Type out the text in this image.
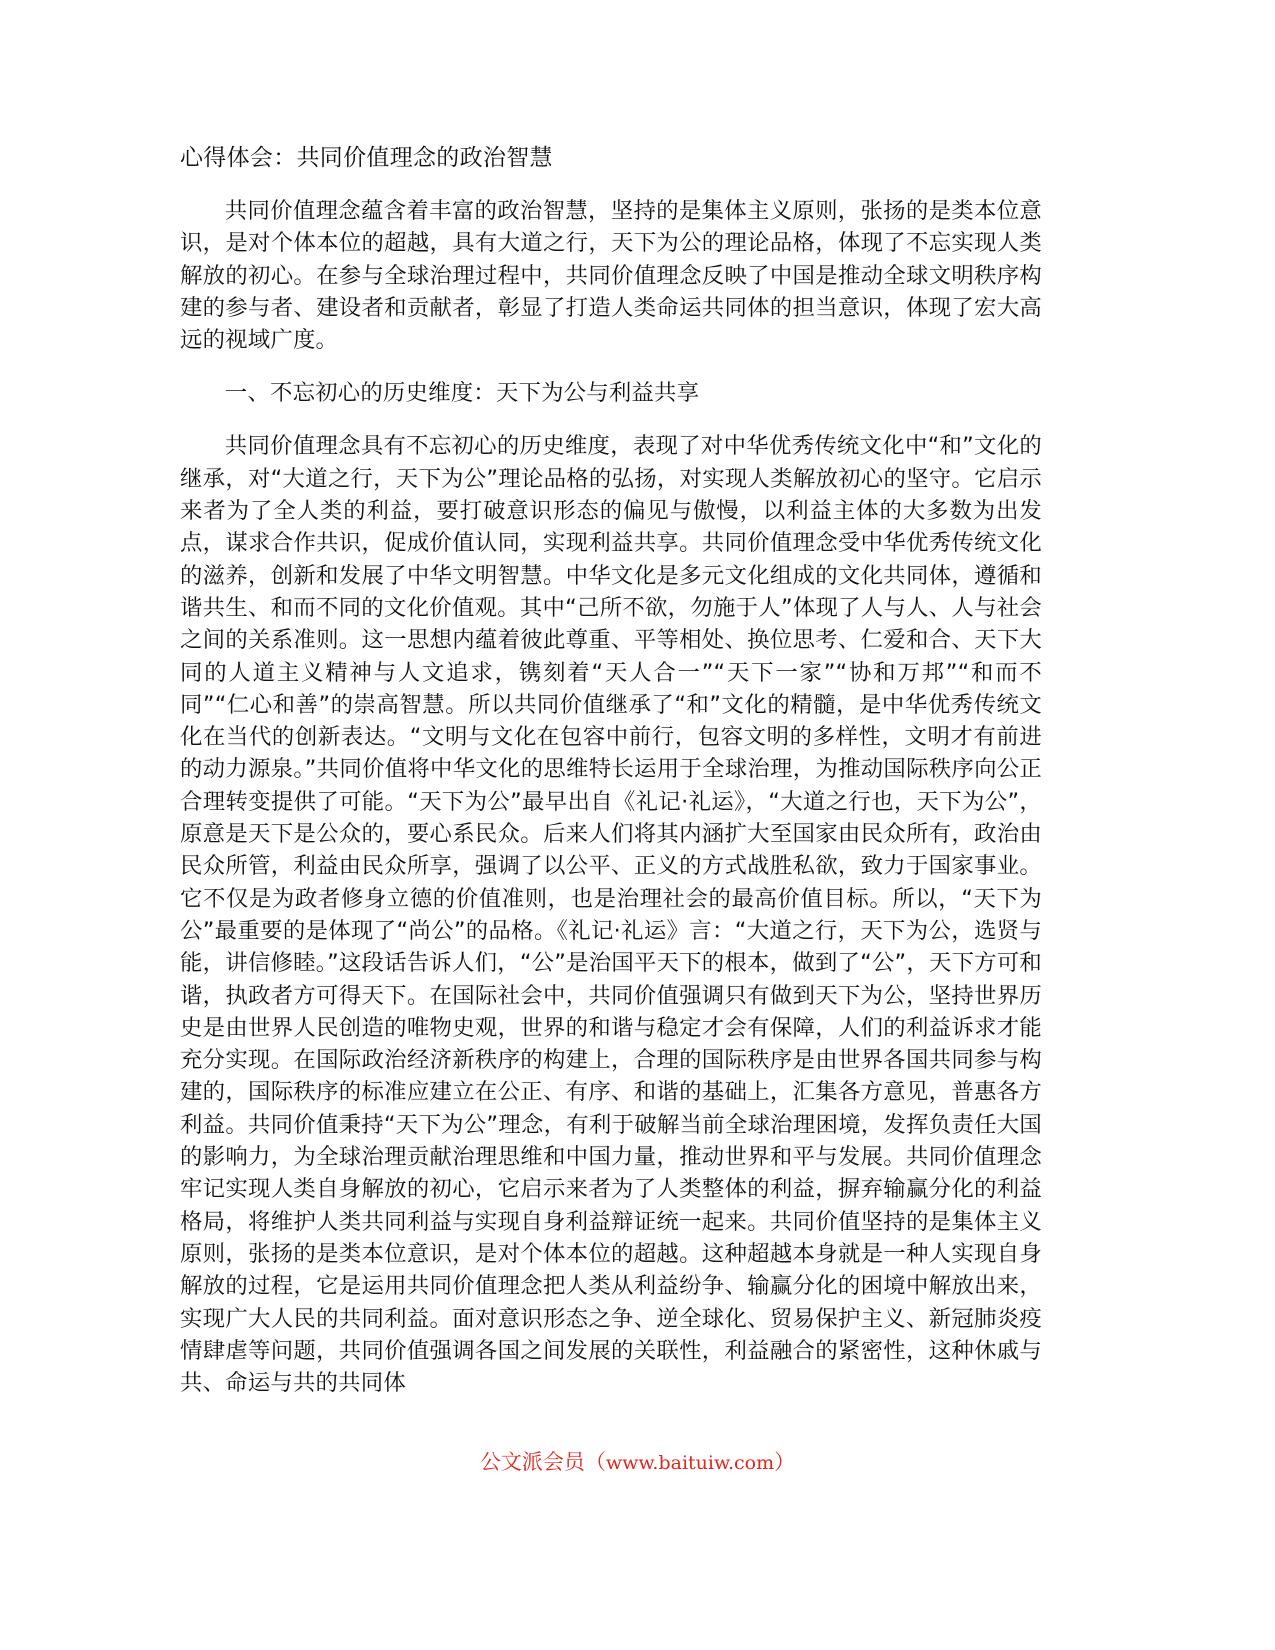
心得体会：共同价值理念的政治智慧

共同价值理念蕴含着丰富的政治智慧，坚持的是集体主义原则，张扬的是类本位意识，是对个体本位的超越，具有大道之行，天下为公的理论品格，体现了不忘实现人类解放的初心。在参与全球治理过程中，共同价值理念反映了中国是推动全球文明秩序构建的参与者、建设者和贡献者，彰显了打造人类命运共同体的担当意识，体现了宏大高远的视域广度。

一、不忘初心的历史维度：天下为公与利益共享

共同价值理念具有不忘初心的历史维度，表现了对中华优秀传统文化中“和”文化的继承，对“大道之行，天下为公”理论品格的弘扬，对实现人类解放初心的坚守。它启示来者为了全人类的利益，要打破意识形态的偏见与傲慢，以利益主体的大多数为出发点，谋求合作共识，促成价值认同，实现利益共享。共同价值理念受中华优秀传统文化的滋养，创新和发展了中华文明智慧。中华文化是多元文化组成的文化共同体，遵循和谐共生、和而不同的文化价值观。其中“己所不欲，勿施于人”体现了人与人、人与社会之间的关系准则。这一思想内蕴着彼此尊重、平等相处、换位思考、仁爱和合、天下大同的人道主义精神与人文追求，镌刻着“天人合一”“天下一家”“协和万邦”“和而不同”“仁心和善”的崇高智慧。所以共同价值继承了“和”文化的精髓，是中华优秀传统文化在当代的创新表达。“文明与文化在包容中前行，包容文明的多样性，文明才有前进的动力源泉。”共同价值将中华文化的思维特长运用于全球治理，为推动国际秩序向公正合理转变提供了可能。“天下为公”最早出自《礼记·礼运》，“大道之行也，天下为公”，原意是天下是公众的，要心系民众。后来人们将其内涵扩大至国家由民众所有，政治由民众所管，利益由民众所享，强调了以公平、正义的方式战胜私欲，致力于国家事业。它不仅是为政者修身立德的价值准则，也是治理社会的最高价值目标。所以，“天下为公”最重要的是体现了“尚公”的品格。《礼记·礼运》言：“大道之行，天下为公，选贤与能，讲信修睦。”这段话告诉人们，“公”是治国平天下的根本，做到了“公”，天下方可和谐，执政者方可得天下。在国际社会中，共同价值强调只有做到天下为公，坚持世界历史是由世界人民创造的唯物史观，世界的和谐与稳定才会有保障，人们的利益诉求才能充分实现。在国际政治经济新秩序的构建上，合理的国际秩序是由世界各国共同参与构建的，国际秩序的标准应建立在公正、有序、和谐的基础上，汇集各方意见，普惠各方利益。共同价值秉持“天下为公”理念，有利于破解当前全球治理困境，发挥负责任大国的影响力，为全球治理贡献治理思维和中国力量，推动世界和平与发展。共同价值理念牢记实现人类自身解放的初心，它启示来者为了人类整体的利益，摒弃输赢分化的利益格局，将维护人类共同利益与实现自身利益辩证统一起来。共同价值坚持的是集体主义原则，张扬的是类本位意识，是对个体本位的超越。这种超越本身就是一种人实现自身解放的过程，它是运用共同价值理念把人类从利益纷争、输赢分化的困境中解放出来，实现广大人民的共同利益。面对意识形态之争、逆全球化、贸易保护主义、新冠肺炎疫情肆虐等问题，共同价值强调各国之间发展的关联性，利益融合的紧密性，这种休戚与共、命运与共的共同体

公文派会员（www.baituiw.com）
